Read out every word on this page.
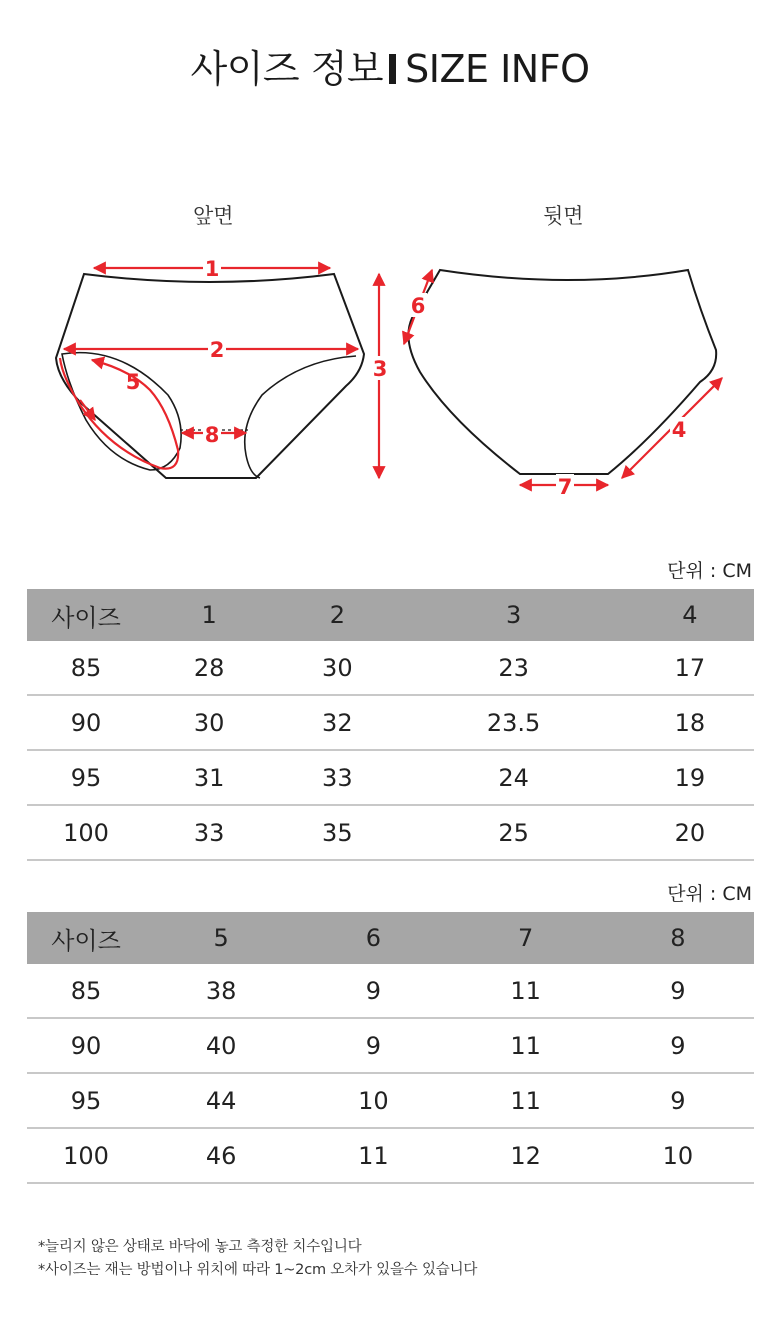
사이즈 정보 SIZE INFO
앞면	뒷면
1
2
3
4
5
6
7
8
단위 : CM
사이즈	1	2	3	4
85	28	30	23	17
90	30	32	23.5	18
95	31	33	24	19
100	33	35	25	20
단위 : CM
사이즈	5	6	7	8
85	38	9	11	9
90	40	9	11	9
95	44	10	11	9
100	46	11	12	10
*늘리지 않은 상태로 바닥에 놓고 측정한 치수입니다
*사이즈는 재는 방법이나 위치에 따라 1~2cm 오차가 있을수 있습니다
